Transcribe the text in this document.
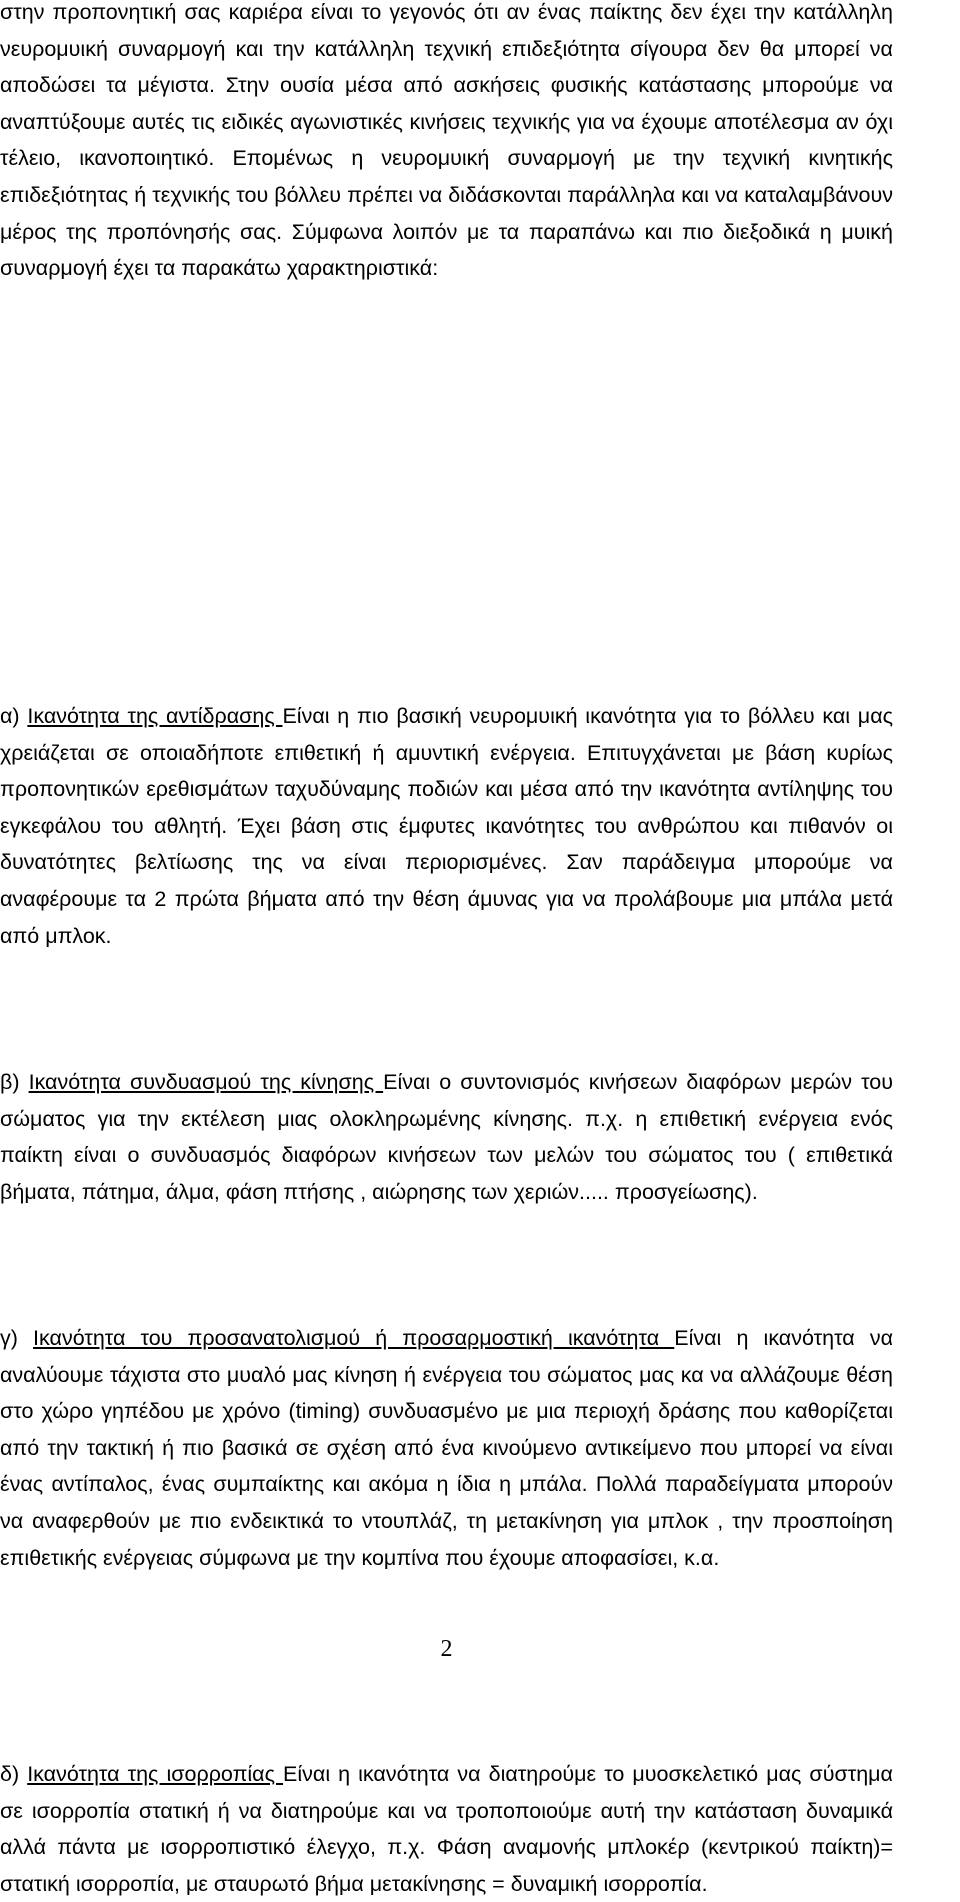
στην προπονητική σας καριέρα είναι το γεγονός ότι αν ένας παίκτης δεν έχει την κατάλληλη νευρομυική συναρμογή και την κατάλληλη τεχνική επιδεξιότητα σίγουρα δεν θα μπορεί να αποδώσει τα μέγιστα. Στην ουσία μέσα από ασκήσεις φυσικής κατάστασης μπορούμε να αναπτύξουμε αυτές τις ειδικές αγωνιστικές κινήσεις τεχνικής για να έχουμε αποτέλεσμα αν όχι τέλειο, ικανοποιητικό. Επομένως η νευρομυική συναρμογή με την τεχνική κινητικής επιδεξιότητας ή τεχνικής του βόλλευ πρέπει να διδάσκονται παράλληλα και να καταλαμβάνουν μέρος της προπόνησής σας. Σύμφωνα λοιπόν με τα παραπάνω και πιο διεξοδικά η μυική συναρμογή έχει τα παρακάτω χαρακτηριστικά:

α) Ικανότητα της αντίδρασης Είναι η πιο βασική νευρομυική ικανότητα για το βόλλευ και μας χρειάζεται σε οποιαδήποτε επιθετική ή αμυντική ενέργεια. Επιτυγχάνεται με βάση κυρίως προπονητικών ερεθισμάτων ταχυδύναμης ποδιών και μέσα από την ικανότητα αντίληψης του εγκεφάλου του αθλητή. Έχει βάση στις έμφυτες ικανότητες του ανθρώπου και πιθανόν οι δυνατότητες βελτίωσης της να είναι περιορισμένες. Σαν παράδειγμα μπορούμε να αναφέρουμε τα 2 πρώτα βήματα από την θέση άμυνας για να προλάβουμε μια μπάλα μετά από μπλοκ.

β) Ικανότητα συνδυασμού της κίνησης Είναι ο συντονισμός κινήσεων διαφόρων μερών του σώματος για την εκτέλεση μιας ολοκληρωμένης κίνησης. π.χ. η επιθετική ενέργεια ενός παίκτη είναι ο συνδυασμός διαφόρων κινήσεων των μελών του σώματος του ( επιθετικά βήματα, πάτημα, άλμα, φάση πτήσης , αιώρησης των χεριών..... προσγείωσης).

γ) Ικανότητα του προσανατολισμού ή προσαρμοστική ικανότητα Είναι η ικανότητα να αναλύουμε τάχιστα στο μυαλό μας κίνηση ή ενέργεια του σώματος μας κα να αλλάζουμε θέση στο χώρο γηπέδου με χρόνο (timing) συνδυασμένο με μια περιοχή δράσης που καθορίζεται από την τακτική ή πιο βασικά σε σχέση από ένα κινούμενο αντικείμενο που μπορεί να είναι ένας αντίπαλος, ένας συμπαίκτης και ακόμα η ίδια η μπάλα. Πολλά παραδείγματα μπορούν να αναφερθούν με πιο ενδεικτικά το ντουπλάζ, τη μετακίνηση για μπλοκ , την προσποίηση επιθετικής ενέργειας σύμφωνα με την κομπίνα που έχουμε αποφασίσει, κ.α.

δ) Ικανότητα της ισορροπίας Είναι η ικανότητα να διατηρούμε το μυοσκελετικό μας σύστημα σε ισορροπία στατική ή να διατηρούμε και να τροποποιούμε αυτή την κατάσταση δυναμικά αλλά πάντα με ισορροπιστικό έλεγχο, π.χ. Φάση αναμονής μπλοκέρ (κεντρικού παίκτη)= στατική ισορροπία, με σταυρωτό βήμα μετακίνησης = δυναμική ισορροπία.

2
